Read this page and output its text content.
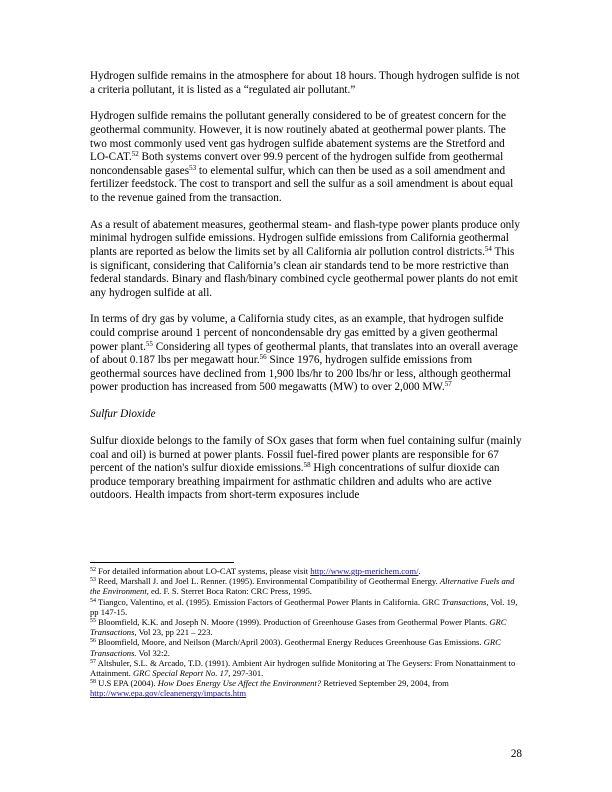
Hydrogen sulfide remains in the atmosphere for about 18 hours. Though hydrogen sulfide is not a criteria pollutant, it is listed as a “regulated air pollutant.”

Hydrogen sulfide remains the pollutant generally considered to be of greatest concern for the geothermal community. However, it is now routinely abated at geothermal power plants. The two most commonly used vent gas hydrogen sulfide abatement systems are the Stretford and LO-CAT.$^{52}$ Both systems convert over 99.9 percent of the hydrogen sulfide from geothermal noncondensable gases$^{53}$ to elemental sulfur, which can then be used as a soil amendment and fertilizer feedstock. The cost to transport and sell the sulfur as a soil amendment is about equal to the revenue gained from the transaction.

As a result of abatement measures, geothermal steam- and flash-type power plants produce only minimal hydrogen sulfide emissions. Hydrogen sulfide emissions from California geothermal plants are reported as below the limits set by all California air pollution control districts.$^{54}$ This is significant, considering that California’s clean air standards tend to be more restrictive than federal standards. Binary and flash/binary combined cycle geothermal power plants do not emit any hydrogen sulfide at all.

In terms of dry gas by volume, a California study cites, as an example, that hydrogen sulfide could comprise around 1 percent of noncondensable dry gas emitted by a given geothermal power plant.$^{55}$ Considering all types of geothermal plants, that translates into an overall average of about 0.187 lbs per megawatt hour.$^{56}$ Since 1976, hydrogen sulfide emissions from geothermal sources have declined from 1,900 lbs/hr to 200 lbs/hr or less, although geothermal power production has increased from 500 megawatts (MW) to over 2,000 MW.$^{57}$

Sulfur Dioxide

Sulfur dioxide belongs to the family of SOx gases that form when fuel containing sulfur (mainly coal and oil) is burned at power plants. Fossil fuel-fired power plants are responsible for 67 percent of the nation's sulfur dioxide emissions.$^{58}$ High concentrations of sulfur dioxide can produce temporary breathing impairment for asthmatic children and adults who are active outdoors. Health impacts from short-term exposures include

$^{52}$ For detailed information about LO-CAT systems, please visit http://www.gtp-merichem.com/.

$^{53}$ Reed, Marshall J. and Joel L. Renner. (1995). Environmental Compatibility of Geothermal Energy. Alternative Fuels and the Environment, ed. F. S. Sterret Boca Raton: CRC Press, 1995.

$^{54}$ Tiangco, Valentino, et al. (1995). Emission Factors of Geothermal Power Plants in California. GRC Transactions, Vol. 19, pp 147-15.

$^{55}$ Bloomfield, K.K. and Joseph N. Moore (1999). Production of Greenhouse Gases from Geothermal Power Plants. GRC Transactions, Vol 23, pp 221 – 223.

$^{56}$ Bloomfield, Moore, and Neilson (March/April 2003). Geothermal Energy Reduces Greenhouse Gas Emissions. GRC Transactions. Vol 32:2.

$^{57}$ Altshuler, S.L. & Arcado, T.D. (1991). Ambient Air hydrogen sulfide Monitoring at The Geysers: From Nonattainment to Attainment. GRC Special Report No. 17, 297-301.

$^{58}$ U.S EPA (2004). How Does Energy Use Affect the Environment? Retrieved September 29, 2004, from
http://www.epa.gov/cleanenergy/impacts.htm

28
